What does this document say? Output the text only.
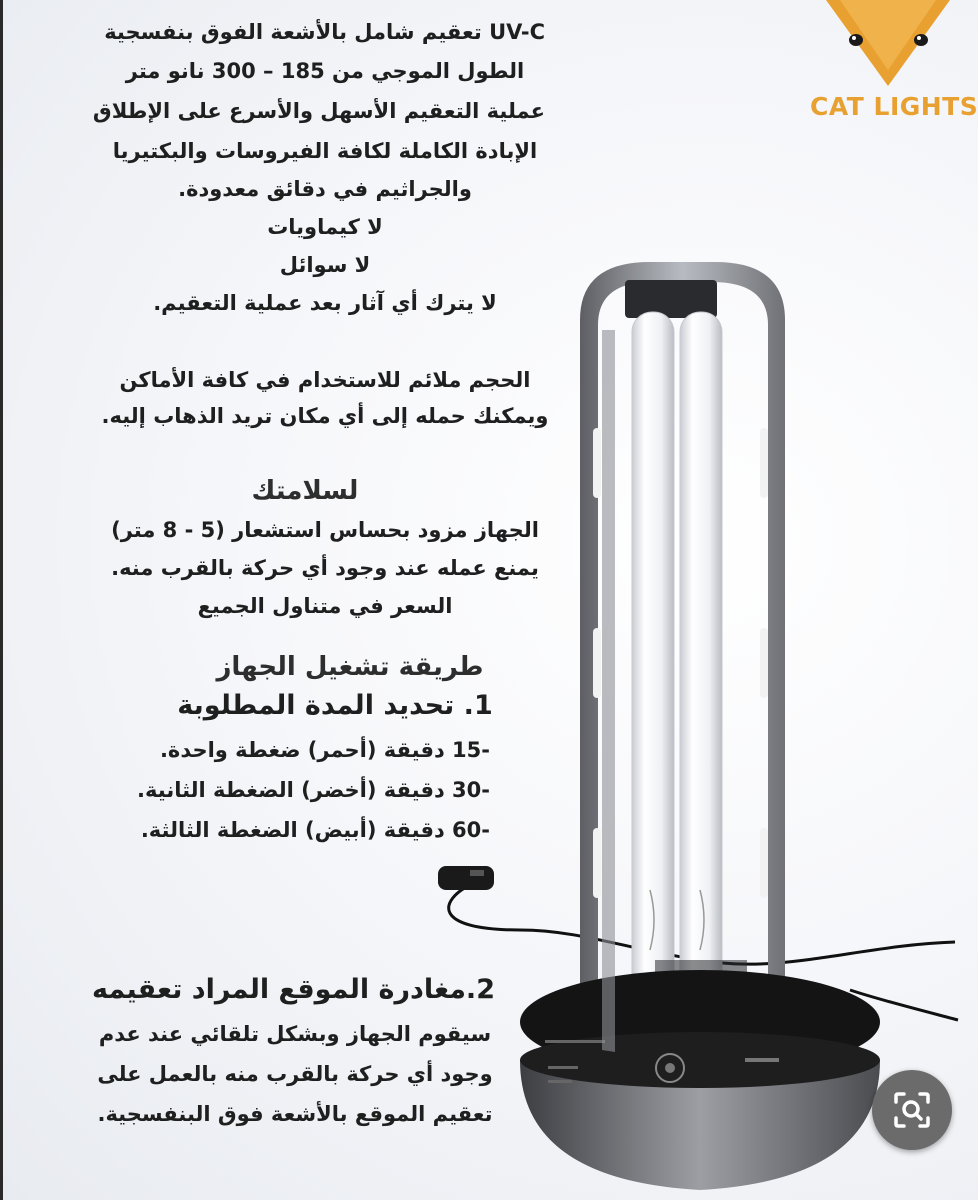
CAT LIGHTS
UV-C تعقيم شامل بالأشعة الفوق بنفسجية
الطول الموجي من 185 – 300 نانو متر
عملية التعقيم الأسهل والأسرع على الإطلاق
الإبادة الكاملة لكافة الفيروسات والبكتيريا
والجراثيم في دقائق معدودة.
لا كيماويات
لا سوائل
لا يترك أي آثار بعد عملية التعقيم.
الحجم ملائم للاستخدام في كافة الأماكن
ويمكنك حمله إلى أي مكان تريد الذهاب إليه.
لسلامتك
الجهاز مزود بحساس استشعار (5 - 8 متر)
يمنع عمله عند وجود أي حركة بالقرب منه.
السعر في متناول الجميع
طريقة تشغيل الجهاز
1. تحديد المدة المطلوبة
-15 دقيقة (أحمر) ضغطة واحدة.
-30 دقيقة (أخضر) الضغطة الثانية.
-60 دقيقة (أبيض) الضغطة الثالثة.
2.مغادرة الموقع المراد تعقيمه
سيقوم الجهاز وبشكل تلقائي عند عدم
وجود أي حركة بالقرب منه بالعمل على
تعقيم الموقع بالأشعة فوق البنفسجية.
